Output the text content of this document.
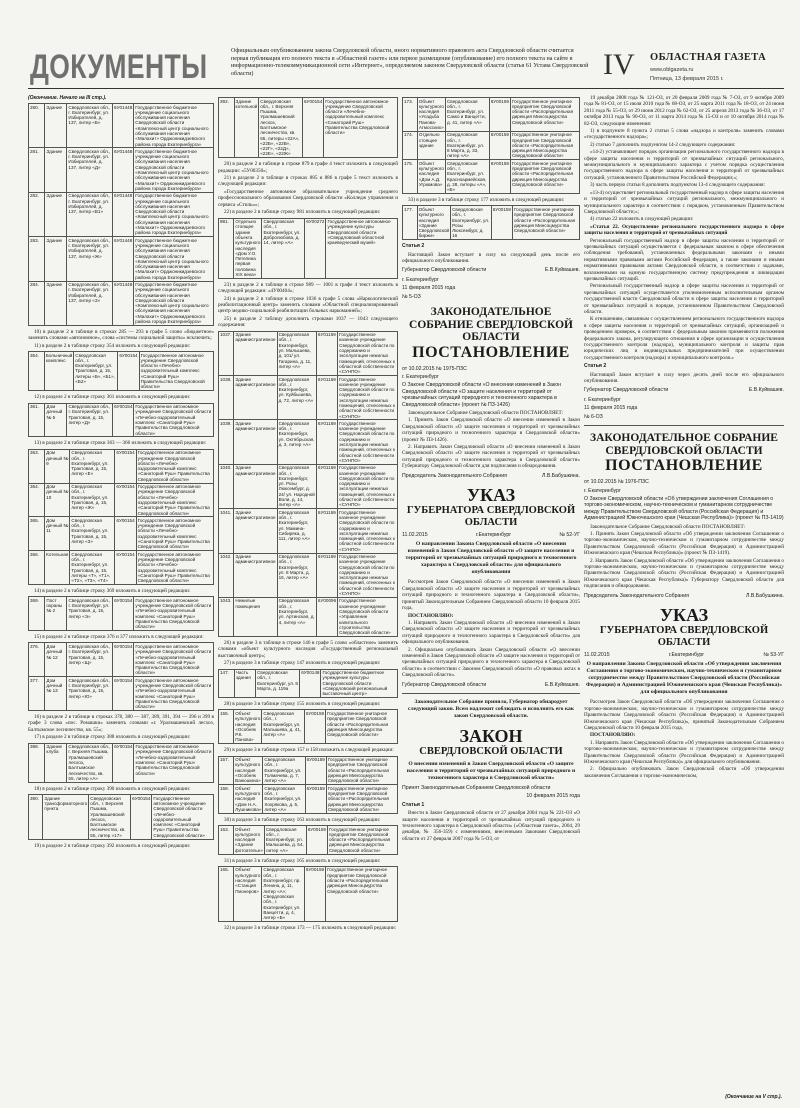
ДОКУМЕНТЫ	Официальным опубликованием закона Свердловской области, иного нормативного правового акта Свердловской области считается первая публикация его полного текста в «Областной газете» или первое размещение (опубликование) его полного текста на сайте в информационно-телекоммуникационной сети «Интернет», определяемом законом Свердловской области (статья 61 Устава Свердловской области)	IV ОБЛАСТНАЯ ГАЗЕТА
www.oblgazeta.ru
Пятница, 13 февраля 2015 г.
(Окончание. Начало на III стр.).
280.	Здание	Свердловская обл., г. Екатеринбург, ул. Избирателей, д. 137, литер «Б»	6У01448	Государственное бюджетное учреждение социального обслуживания населения Свердловской области «Комплексный центр социального обслуживания населения «Малахит» Орджоникидзевского района города Екатеринбурга»
281.	Здание	Свердловская обл., г. Екатеринбург, ул. Избирателей, д. 137, литер «Д»	6У01448	Государственное бюджетное учреждение социального обслуживания населения Свердловской области «Комплексный центр социального обслуживания населения «Малахит» Орджоникидзевского района города Екатеринбурга»
282.	Здание	Свердловская обл., г. Екатеринбург, ул. Избирателей, д. 137, литер «В1»	6У01448	Государственное бюджетное учреждение социального обслуживания населения Свердловской области «Комплексный центр социального обслуживания населения «Малахит» Орджоникидзевского района города Екатеринбурга»
283.	Здание	Свердловская обл., г. Екатеринбург, ул. Избирателей, д. 137, литер «Ж»	6У01448	Государственное бюджетное учреждение социального обслуживания населения Свердловской области «Комплексный центр социального обслуживания населения «Малахит» Орджоникидзевского района города Екатеринбурга»
284.	Здание	Свердловская обл., г. Екатеринбург, ул. Избирателей, д. 137, литер «З»	6У01448	Государственное бюджетное учреждение социального обслуживания населения Свердловской области «Комплексный центр социального обслуживания населения «Малахит» Орджоникидзевского района города Екатеринбурга»

10) в разделе 2 в таблице в строках 285 — 293 в графе 5 слово «бюджетное» заменить словами «автономное», слова «системы социальной защиты» исключить;

11) в разделе 2 в таблице строку 354 изложить в следующей редакции:

354.	Больничный комплекс	Свердловская обл., г. Екатеринбург, ул. Трактовая, д. 15, литеры «Б», «Б1», «Б2»	6У00154	Государственное автономное учреждение Свердловской области «Лечебно-оздоровительный комплекс «Санаторий Руш» Правительства Свердловской области»

12) в разделе 2 в таблице строку 361 изложить в следующей редакции:

361.	Дом дачный № 5	Свердловская обл., г. Екатеринбург, ул. Трактовая, д. 15, литер «Д»	6У00154	Государственное автономное учреждение Свердловской области «Лечебно-оздоровительный комплекс «Санаторий Руш» Правительства Свердловской области»

13) в разделе 2 в таблице строки 363 — 366 изложить в следующей редакции:

363.	Дом дачный № 9	Свердловская обл., г. Екатеринбург, ул. Трактовая, д. 15, литер «Е»	6У00154	Государственное автономное учреждение Свердловской области «Лечебно-оздоровительный комплекс «Санаторий Руш» Правительства Свердловской области»
364.	Дом дачный № 10	Свердловская обл., г. Екатеринбург, ул. Трактовая, д. 15, литер «Ж»	6У00154	Государственное автономное учреждение Свердловской области «Лечебно-оздоровительный комплекс «Санаторий Руш» Правительства Свердловской области»
365.	Дом дачный № 11	Свердловская обл., г. Екатеринбург, ул. Трактовая, д. 15, литер «З»	6У00154	Государственное автономное учреждение Свердловской области «Лечебно-оздоровительный комплекс «Санаторий Руш» Правительства Свердловской области»
366.	Котельная	Свердловская обл., г. Екатеринбург, ул. Трактовая, д. 15, литеры «Т», «Т1», «Т2», «Т3», «Т4»	6У00154	Государственное автономное учреждение Свердловской области «Лечебно-оздоровительный комплекс «Санаторий Руш» Правительства Свердловской области»

14) в разделе 2 в таблице строку 369 изложить в следующей редакции:

369.	Пост охраны № 2	Свердловская обл., г. Екатеринбург, ул. Трактовая, д. 15, литер «Э»	6У00154	Государственное автономное учреждение Свердловской области «Лечебно-оздоровительный комплекс «Санаторий Руш» Правительства Свердловской области»

15) в разделе 2 в таблице строки 376 и 377 изложить в следующей редакции:

376.	Дом дачный № 12	Свердловская обл., г. Екатеринбург, ул. Трактовая, д. 15, литер «Щ»	6У00154	Государственное автономное учреждение Свердловской области «Лечебно-оздоровительный комплекс «Санаторий Руш» Правительства Свердловской области»
377.	Дом дачный № 13	Свердловская обл., г. Екатеринбург, ул. Трактовая, д. 15, литер «Ю»	6У00154	Государственное автономное учреждение Свердловской области «Лечебно-оздоровительный комплекс «Санаторий Руш» Правительства Свердловской области»

16) в разделе 2 в таблице в строках 378, 380 — 387, 389, 391, 394 — 396 и 399 в графе 3 слова «пос. Ромашки» заменить словами «г. Уралмашевский лесхоз, Балтымское лесничество, кв. 55»;

17) в разделе 2 в таблице строку 388 изложить в следующей редакции:

388.	Здание клуба	Свердловская обл., г. Верхняя Пышма, Уралмашевский лесхоз, Балтымское лесничество, кв. 55, литер «А»	6У00154	Государственное автономное учреждение Свердловской области «Лечебно-оздоровительный комплекс «Санаторий Руш» Правительства Свердловской области»

18) в разделе 2 в таблице строку 390 изложить в следующей редакции:

390.	Здание трансформаторного пункта	Свердловская обл., г. Верхняя Пышма, Уралмашевский лесхоз, Балтымское лесничество, кв. 55, литер «17»	6У00154	Государственное автономное учреждение Свердловской области «Лечебно-оздоровительный комплекс «Санаторий Руш» Правительства Свердловской области»

19) в разделе 2 в таблице строку 392 изложить в следующей редакции:

392.	Здание котельной	Свердловская обл., г. Верхняя Пышма, Уралмашевский лесхоз, Балтымское лесничество, кв. 55, литеры «22А», «22Б», «22В», «22Г», «22Д», «22Е», «22Ж»	6У00154	Государственное автономное учреждение Свердловской области «Лечебно-оздоровительный комплекс «Санаторий Руш» Правительства Свердловской области»

20) в разделе 2 в таблице в строке 879 в графе 4 текст изложить в следующей редакции: «5У00350»;

21) в разделе 2 в таблице в строках 885 и 886 в графе 5 текст изложить в следующей редакции:

«Государственное автономное образовательное учреждение среднего профессионального образования Свердловской области «Колледж управления и сервиса «Стиль»»;

22) в разделе 2 в таблице строку 981 изложить в следующей редакции:

981.	Отдельно стоящее здание объекта культурного наследия «Дом У.О. Петелина первая половина XIX века»	Свердловская обл., г. Екатеринбург, ул. Добролюбова, д. 14, литер «А»	6У00272	Государственное автономное учреждение культуры Свердловской области «Свердловский областной краеведческий музей»

23) в разделе 2 в таблице в строке 989 — 1001 в графе 4 текст изложить в следующей редакции: «4У00404»;

24) в разделе 2 в таблице в строке 1036 в графе 5 слова «Наркологический реабилитационный центр» заменить словами «Областной специализированный центр медико-социальной реабилитации больных наркоманией»;

25) в разделе 2 таблицу дополнить строками 1037 — 1043 следующего содержания:

1037.	Здание административное	Свердловская обл., г. Екатеринбург, ул. Малышева, д. 101/ ул. Гагарина, д. 11, литер «А»	6У01169	Государственное казенное учреждение Свердловской области по содержанию и эксплуатации нежилых помещений, отнесенных к областной собственности «СУНПО»
1038.	Здание административное	Свердловская обл., г. Екатеринбург, ул. Куйбышева, д. 72, литер «А»	6У01169	Государственное казенное учреждение Свердловской области по содержанию и эксплуатации нежилых помещений, отнесенных к областной собственности «СУНПО»
1039.	Здание административное	Свердловская обл., г. Екатеринбург, ул. Октябрьская, д. 3, литер «А»	6У01169	Государственное казенное учреждение Свердловской области по содержанию и эксплуатации нежилых помещений, отнесенных к областной собственности «СУНПО»
1040.	Здание административное	Свердловская обл., г. Екатеринбург, ул. Розы Люксембург, д. 24/ ул. Народной Воли, д. 14, литер «А»	6У01169	Государственное казенное учреждение Свердловской области по содержанию и эксплуатации нежилых помещений, отнесенных к областной собственности «СУНПО»
1041.	Здание административное	Свердловская обл., г. Екатеринбург, ул. Мамина-Сибиряка, д. 111, литер «А»	6У01169	Государственное казенное учреждение Свердловской области по содержанию и эксплуатации нежилых помещений, отнесенных к областной собственности «СУНПО»
1042.	Здание административное	Свердловская обл., г. Екатеринбург, ул. 8 Марта, д. 16, литер «А»	6У01169	Государственное казенное учреждение Свердловской области по содержанию и эксплуатации нежилых помещений, отнесенных к областной собственности «СУНПО»
1043.	Нежилые помещения	Свердловская обл., г. Екатеринбург, ул. Артинская, д. 4, литер «А»	6У00096	Государственное казенное учреждение Свердловской области «Управление капитального строительства Свердловской области»

26) в разделе 3 в таблице в строке 146 в графе 5 слово «областное» заменить словами «объект культурного наследия «Государственный региональный выставочный центр»;

27) в разделе 3 в таблице строку 147 изложить в следующей редакции:

147.	Часть здания	Свердловская обл., г. Екатеринбург, ул. 8 Марта, д. 119а	6У00148	Государственное бюджетное учреждение культуры Свердловской области «Свердловский региональный выставочный центр»

28) в разделе 3 в таблице строку 155 изложить в следующей редакции:

155.	Объект культурного наследия «Особняк Р.К. Панова»	Свердловская обл., г. Екатеринбург, ул. Малышева, д. 41, литер «А»	6У00159	Государственное унитарное предприятие Свердловской области «Распорядительная дирекция Минсоцмурства Свердловской области»

29) в разделе 3 в таблице строки 157 и 158 изложить в следующей редакции:

157.	Объект культурного наследия «Особняк Ванюшина»	Свердловская обл., г. Екатеринбург, ул. Толмачева, д. 7, литер «А»	6У00159	Государственное унитарное предприятие Свердловской области «Распорядительная дирекция Минсоцмурства Свердловской области»
158.	Объект культурного наследия «Дом Н.А. Лушникова»	Свердловская обл., г. Екатеринбург, ул. Хохрякова, д. 5, литер «А»	6У00159	Государственное унитарное предприятие Свердловской области «Распорядительная дирекция Минсоцмурства Свердловской области»

30) в разделе 3 в таблице строку 163 изложить в следующей редакции:

163.	Объект культурного наследия «Здание фотоателье»	Свердловская обл., г. Екатеринбург, ул. Малышева, д. 54, литер «А»	6У00159	Государственное унитарное предприятие Свердловской области «Распорядительная дирекция Минсоцмурства Свердловской области»

31) в разделе 3 в таблице строку 165 изложить в следующей редакции:

165.	Объект культурного наследия «Станция Пионеров»	Свердловская обл., г. Екатеринбург, пр. Ленина, д. 11, литер «А»; Свердловская обл., г. Екатеринбург, ул. Ванцетти, д. 4, литер «Б»	6У00159	Государственное унитарное предприятие Свердловской области «Распорядительная дирекция Минсоцмурства Свердловской области»

32) в разделе 3 в таблице строки 173 — 175 изложить в следующей редакции:

173.	Объект культурного наследия «Усадьба Панова-Атмосских»	Свердловская обл., г. Екатеринбург, ул. Сакко и Ванцетти, д. 41, литер «А»	6У00159	Государственное унитарное предприятие Свердловской области «Распорядительная дирекция Минсоцмурства Свердловской области»
174.	Отдельно стоящее здание	Свердловская обл., г. Екатеринбург, ул. 8 Марта, д. 33, литер «А»	6У00159	Государственное унитарное предприятие Свердловской области «Распорядительная дирекция Минсоцмурства Свердловской области»
175.	Объект культурного наследия «Дом А.Д. Угрюмова»	Свердловская обл., г. Екатеринбург, ул. Красноармейская, д. 28, литеры «А», «Б»	6У00159	Государственное унитарное предприятие Свердловской области «Распорядительная дирекция Минсоцмурства Свердловской области»

33) в разделе 3 в таблице строку 177 изложить в следующей редакции:

177.	Объект культурного наследия «Здание Свердловской биржи»	Свердловская обл., г. Екатеринбург, ул. Розы Люксембург, д. 16	6У00159	Государственное унитарное предприятие Свердловской области «Распорядительная дирекция Минсоцмурства Свердловской области»
Статья 2

Настоящий Закон вступает в силу на следующий день после его официального опубликования.

Губернатор Свердловской области	Е.В.Куйвашев.
г. Екатеринбург
11 февраля 2015 года
№ 5-ОЗ
ЗАКОНОДАТЕЛЬНОЕ СОБРАНИЕ СВЕРДЛОВСКОЙ ОБЛАСТИ
ПОСТАНОВЛЕНИЕ
от 10.02.2015 № 1975-ПЗС
г. Екатеринбург

О Законе Свердловской области «О внесении изменений в Закон Свердловской области «О защите населения и территорий от чрезвычайных ситуаций природного и техногенного характера в Свердловской области» (проект № ПЗ-1426)

Законодательное Собрание Свердловской области ПОСТАНОВЛЯЕТ:

1. Принять Закон Свердловской области «О внесении изменений в Закон Свердловской области «О защите населения и территорий от чрезвычайных ситуаций природного и техногенного характера в Свердловской области» (проект № ПЗ-1426).

2. Направить Закон Свердловской области «О внесении изменений в Закон Свердловской области «О защите населения и территорий от чрезвычайных ситуаций природного и техногенного характера в Свердловской области» Губернатору Свердловской области для подписания и обнародования.

Председатель Законодательного Собрания	Л.В.Бабушкина.
УКАЗ
ГУБЕРНАТОРА СВЕРДЛОВСКОЙ ОБЛАСТИ
11.02.2015	г.Екатеринбург	№ 52-УГ
О направлении Закона Свердловской области «О внесении изменений в Закон Свердловской области «О защите населения и территорий от чрезвычайных ситуаций природного и техногенного характера в Свердловской области» для официального опубликования

Рассмотрев Закон Свердловской области «О внесении изменений в Закон Свердловской области «О защите населения и территорий от чрезвычайных ситуаций природного и техногенного характера в Свердловской области», принятый Законодательным Собранием Свердловской области 10 февраля 2015 года,

ПОСТАНОВЛЯЮ:

1. Направить Закон Свердловской области «О внесении изменений в Закон Свердловской области «О защите населения и территорий от чрезвычайных ситуаций природного и техногенного характера в Свердловской области» для официального опубликования.

2. Официально опубликовать Закон Свердловской области «О внесении изменений в Закон Свердловской области «О защите населения и территорий от чрезвычайных ситуаций природного и техногенного характера в Свердловской области» в соответствии с Законом Свердловской области «О правовых актах в Свердловской области».

Губернатор Свердловской области	Е.В.Куйвашев.
Законодательное Собрание приняло, Губернатор обнародует следующий закон. Всем надлежит соблюдать и исполнять его как закон Свердловской области.
ЗАКОН
СВЕРДЛОВСКОЙ ОБЛАСТИ
О внесении изменений в Закон Свердловской области «О защите населения и территорий от чрезвычайных ситуаций природного и техногенного характера в Свердловской области»
Принят Законодательным Собранием Свердловской области
10 февраля 2015 года
Статья 1

Внести в Закон Свердловской области от 27 декабря 2004 года № 221-ОЗ «О защите населения и территорий от чрезвычайных ситуаций природного и техногенного характера в Свердловской области» («Областная газета», 2004, 29 декабря, № 356-359) с изменениями, внесенными Законами Свердловской области от 27 февраля 2007 года № 5-ОЗ, от

19 декабря 2008 года № 121-ОЗ, от 20 февраля 2009 года № 7-ОЗ, от 9 октября 2009 года № 81-ОЗ, от 15 июля 2010 года № 68-ОЗ, от 25 марта 2011 года № 18-ОЗ, от 24 июня 2011 года № 55-ОЗ, от 29 июня 2012 года № 62-ОЗ, от 25 апреля 2013 года № 36-ОЗ, от 17 октября 2013 года № 90-ОЗ, от 11 марта 2014 года № 15-ОЗ и от 10 октября 2014 года № 82-ОЗ, следующие изменения:

1) в подпункте 8 пункта 2 статьи 5 слова «надзора и контроля» заменить словами «государственного надзора»;

2) статью 7 дополнить подпунктом 14-2 следующего содержания:

«14-2) устанавливает порядок организации регионального государственного надзора в сфере защиты населения и территорий от чрезвычайных ситуаций регионального, межмуниципального и муниципального характера с учетом порядка осуществления государственного надзора в сфере защиты населения и территорий от чрезвычайных ситуаций, установленного Правительством Российской Федерации;»;

3) часть первую статьи 8 дополнить подпунктом 13-4 следующего содержания:

«13-4) осуществляет региональный государственный надзор в сфере защиты населения и территорий от чрезвычайных ситуаций регионального, межмуниципального и муниципального характера в соответствии с порядком, установленным Правительством Свердловской области;»;

4) статью 22 изложить в следующей редакции:

«Статья 22. Осуществление регионального государственного надзора в сфере защиты населения и территорий от чрезвычайных ситуаций

Региональный государственный надзор в сфере защиты населения и территорий от чрезвычайных ситуаций осуществляется с федеральным законом в сфере обеспечения соблюдения требований, установленных федеральными законами и иными нормативными правовыми актами Российской Федерации, а также законами и иными нормативными правовыми актами Свердловской области, в соответствии с задачами, возложенными на единую государственную систему предупреждения и ликвидации чрезвычайных ситуаций.

Региональный государственный надзор в сфере защиты населения и территорий от чрезвычайных ситуаций осуществляется уполномоченным исполнительным органом государственной власти Свердловской области в сфере защиты населения и территорий от чрезвычайных ситуаций в порядке, установленном Правительством Свердловской области.

К отношениям, связанным с осуществлением регионального государственного надзора в сфере защиты населения и территорий от чрезвычайных ситуаций, организацией и проведением проверок, в соответствии с федеральным законом применяются положения федерального закона, регулирующего отношения в сфере организации и осуществления государственного контроля (надзора), муниципального контроля и защиты прав юридических лиц и индивидуальных предпринимателей при осуществлении государственного контроля (надзора) и муниципального контроля.»

Статья 2

Настоящий Закон вступает в силу через десять дней после его официального опубликования.

Губернатор Свердловской области	Е.В.Куйвашев.
г. Екатеринбург
11 февраля 2015 года
№ 6-ОЗ
ЗАКОНОДАТЕЛЬНОЕ СОБРАНИЕ СВЕРДЛОВСКОЙ ОБЛАСТИ
ПОСТАНОВЛЕНИЕ
от 10.02.2015 № 1976-ПЗС
г. Екатеринбург

О Законе Свердловской области «Об утверждении заключения Соглашения о торгово-экономическом, научно-техническом и гуманитарном сотрудничестве между Правительством Свердловской области (Российская Федерация) и Администрацией Южночешского края (Чешская Республика)» (проект № ПЗ-1419)

Законодательное Собрание Свердловской области ПОСТАНОВЛЯЕТ:

1. Принять Закон Свердловской области «Об утверждении заключения Соглашения о торгово-экономическом, научно-техническом и гуманитарном сотрудничестве между Правительством Свердловской области (Российская Федерация) и Администрацией Южночешского края (Чешская Республика)» (проект № ПЗ-1419).

2. Направить Закон Свердловской области «Об утверждении заключения Соглашения о торгово-экономическом, научно-техническом и гуманитарном сотрудничестве между Правительством Свердловской области (Российская Федерация) и Администрацией Южночешского края (Чешская Республика)» Губернатору Свердловской области для подписания и обнародования.

Председатель Законодательного Собрания	Л.В.Бабушкина.
УКАЗ
ГУБЕРНАТОРА СВЕРДЛОВСКОЙ ОБЛАСТИ
11.02.2015	г.Екатеринбург	№ 53-УГ
О направлении Закона Свердловской области «Об утверждении заключения Соглашения о торгово-экономическом, научно-техническом и гуманитарном сотрудничестве между Правительством Свердловской области (Российская Федерация) и Администрацией Южночешского края (Чешская Республика)» для официального опубликования

Рассмотрев Закон Свердловской области «Об утверждении заключения Соглашения о торгово-экономическом, научно-техническом и гуманитарном сотрудничестве между Правительством Свердловской области (Российская Федерация) и Администрацией Южночешского края (Чешская Республика)», принятый Законодательным Собранием Свердловской области 10 февраля 2015 года,

ПОСТАНОВЛЯЮ:

1. Направить Закон Свердловской области «Об утверждении заключения Соглашения о торгово-экономическом, научно-техническом и гуманитарном сотрудничестве между Правительством Свердловской области (Российская Федерация) и Администрацией Южночешского края (Чешская Республика)» для официального опубликования.

2. Официально опубликовать Закон Свердловской области «Об утверждении заключения Соглашения о торгово-экономическом,

(Окончание на V стр.).
